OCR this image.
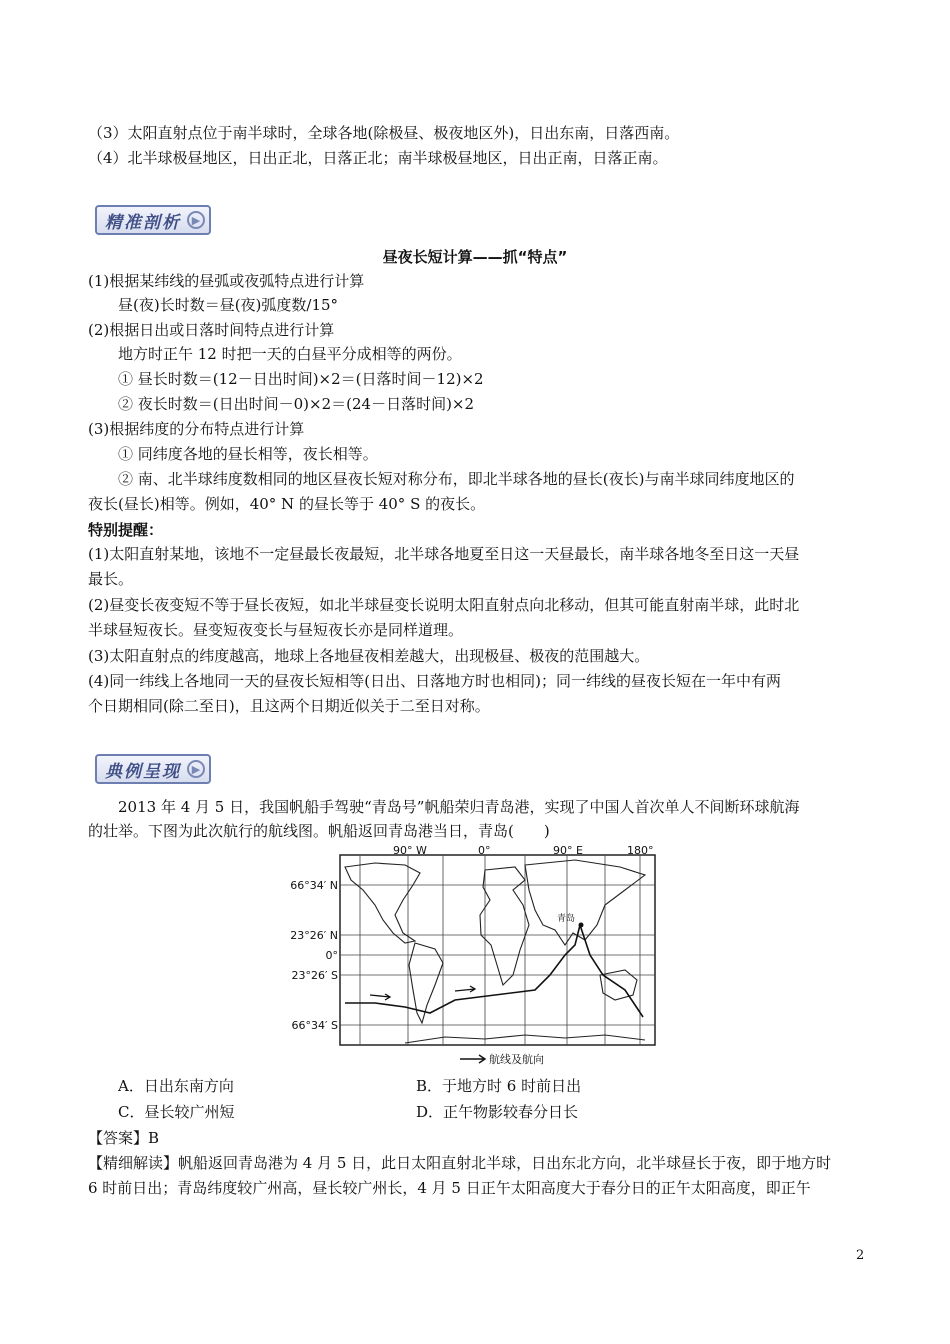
（3）太阳直射点位于南半球时，全球各地(除极昼、极夜地区外)，日出东南，日落西南。
（4）北半球极昼地区，日出正北，日落正北；南半球极昼地区，日出正南，日落正南。
精准剖析 ▶
昼夜长短计算——抓“特点”
(1)根据某纬线的昼弧或夜弧特点进行计算
昼(夜)长时数＝昼(夜)弧度数/15°
(2)根据日出或日落时间特点进行计算
地方时正午 12 时把一天的白昼平分成相等的两份。
① 昼长时数＝(12－日出时间)×2＝(日落时间－12)×2
② 夜长时数＝(日出时间－0)×2＝(24－日落时间)×2
(3)根据纬度的分布特点进行计算
① 同纬度各地的昼长相等，夜长相等。
② 南、北半球纬度数相同的地区昼夜长短对称分布，即北半球各地的昼长(夜长)与南半球同纬度地区的
夜长(昼长)相等。例如，40° N 的昼长等于 40° S 的夜长。
特别提醒：
(1)太阳直射某地，该地不一定昼最长夜最短，北半球各地夏至日这一天昼最长，南半球各地冬至日这一天昼
最长。
(2)昼变长夜变短不等于昼长夜短，如北半球昼变长说明太阳直射点向北移动，但其可能直射南半球，此时北
半球昼短夜长。昼变短夜变长与昼短夜长亦是同样道理。
(3)太阳直射点的纬度越高，地球上各地昼夜相差越大，出现极昼、极夜的范围越大。
(4)同一纬线上各地同一天的昼夜长短相等(日出、日落地方时也相同)；同一纬线的昼夜长短在一年中有两
个日期相同(除二至日)，且这两个日期近似关于二至日对称。
典例呈现 ▶
2013 年 4 月 5 日，我国帆船手驾驶“青岛号”帆船荣归青岛港，实现了中国人首次单人不间断环球航海
的壮举。下图为此次航行的航线图。帆船返回青岛港当日，青岛(　　)
青岛
90° W	0°	90° E	180°
66°34′ N
23°26′ N
0°
23°26′ S
66°34′ S
航线及航向
A．日出东南方向	B．于地方时 6 时前日出
C．昼长较广州短	D．正午物影较春分日长
【答案】B
【精细解读】帆船返回青岛港为 4 月 5 日，此日太阳直射北半球，日出东北方向，北半球昼长于夜，即于地方时
6 时前日出；青岛纬度较广州高，昼长较广州长，4 月 5 日正午太阳高度大于春分日的正午太阳高度，即正午
2
